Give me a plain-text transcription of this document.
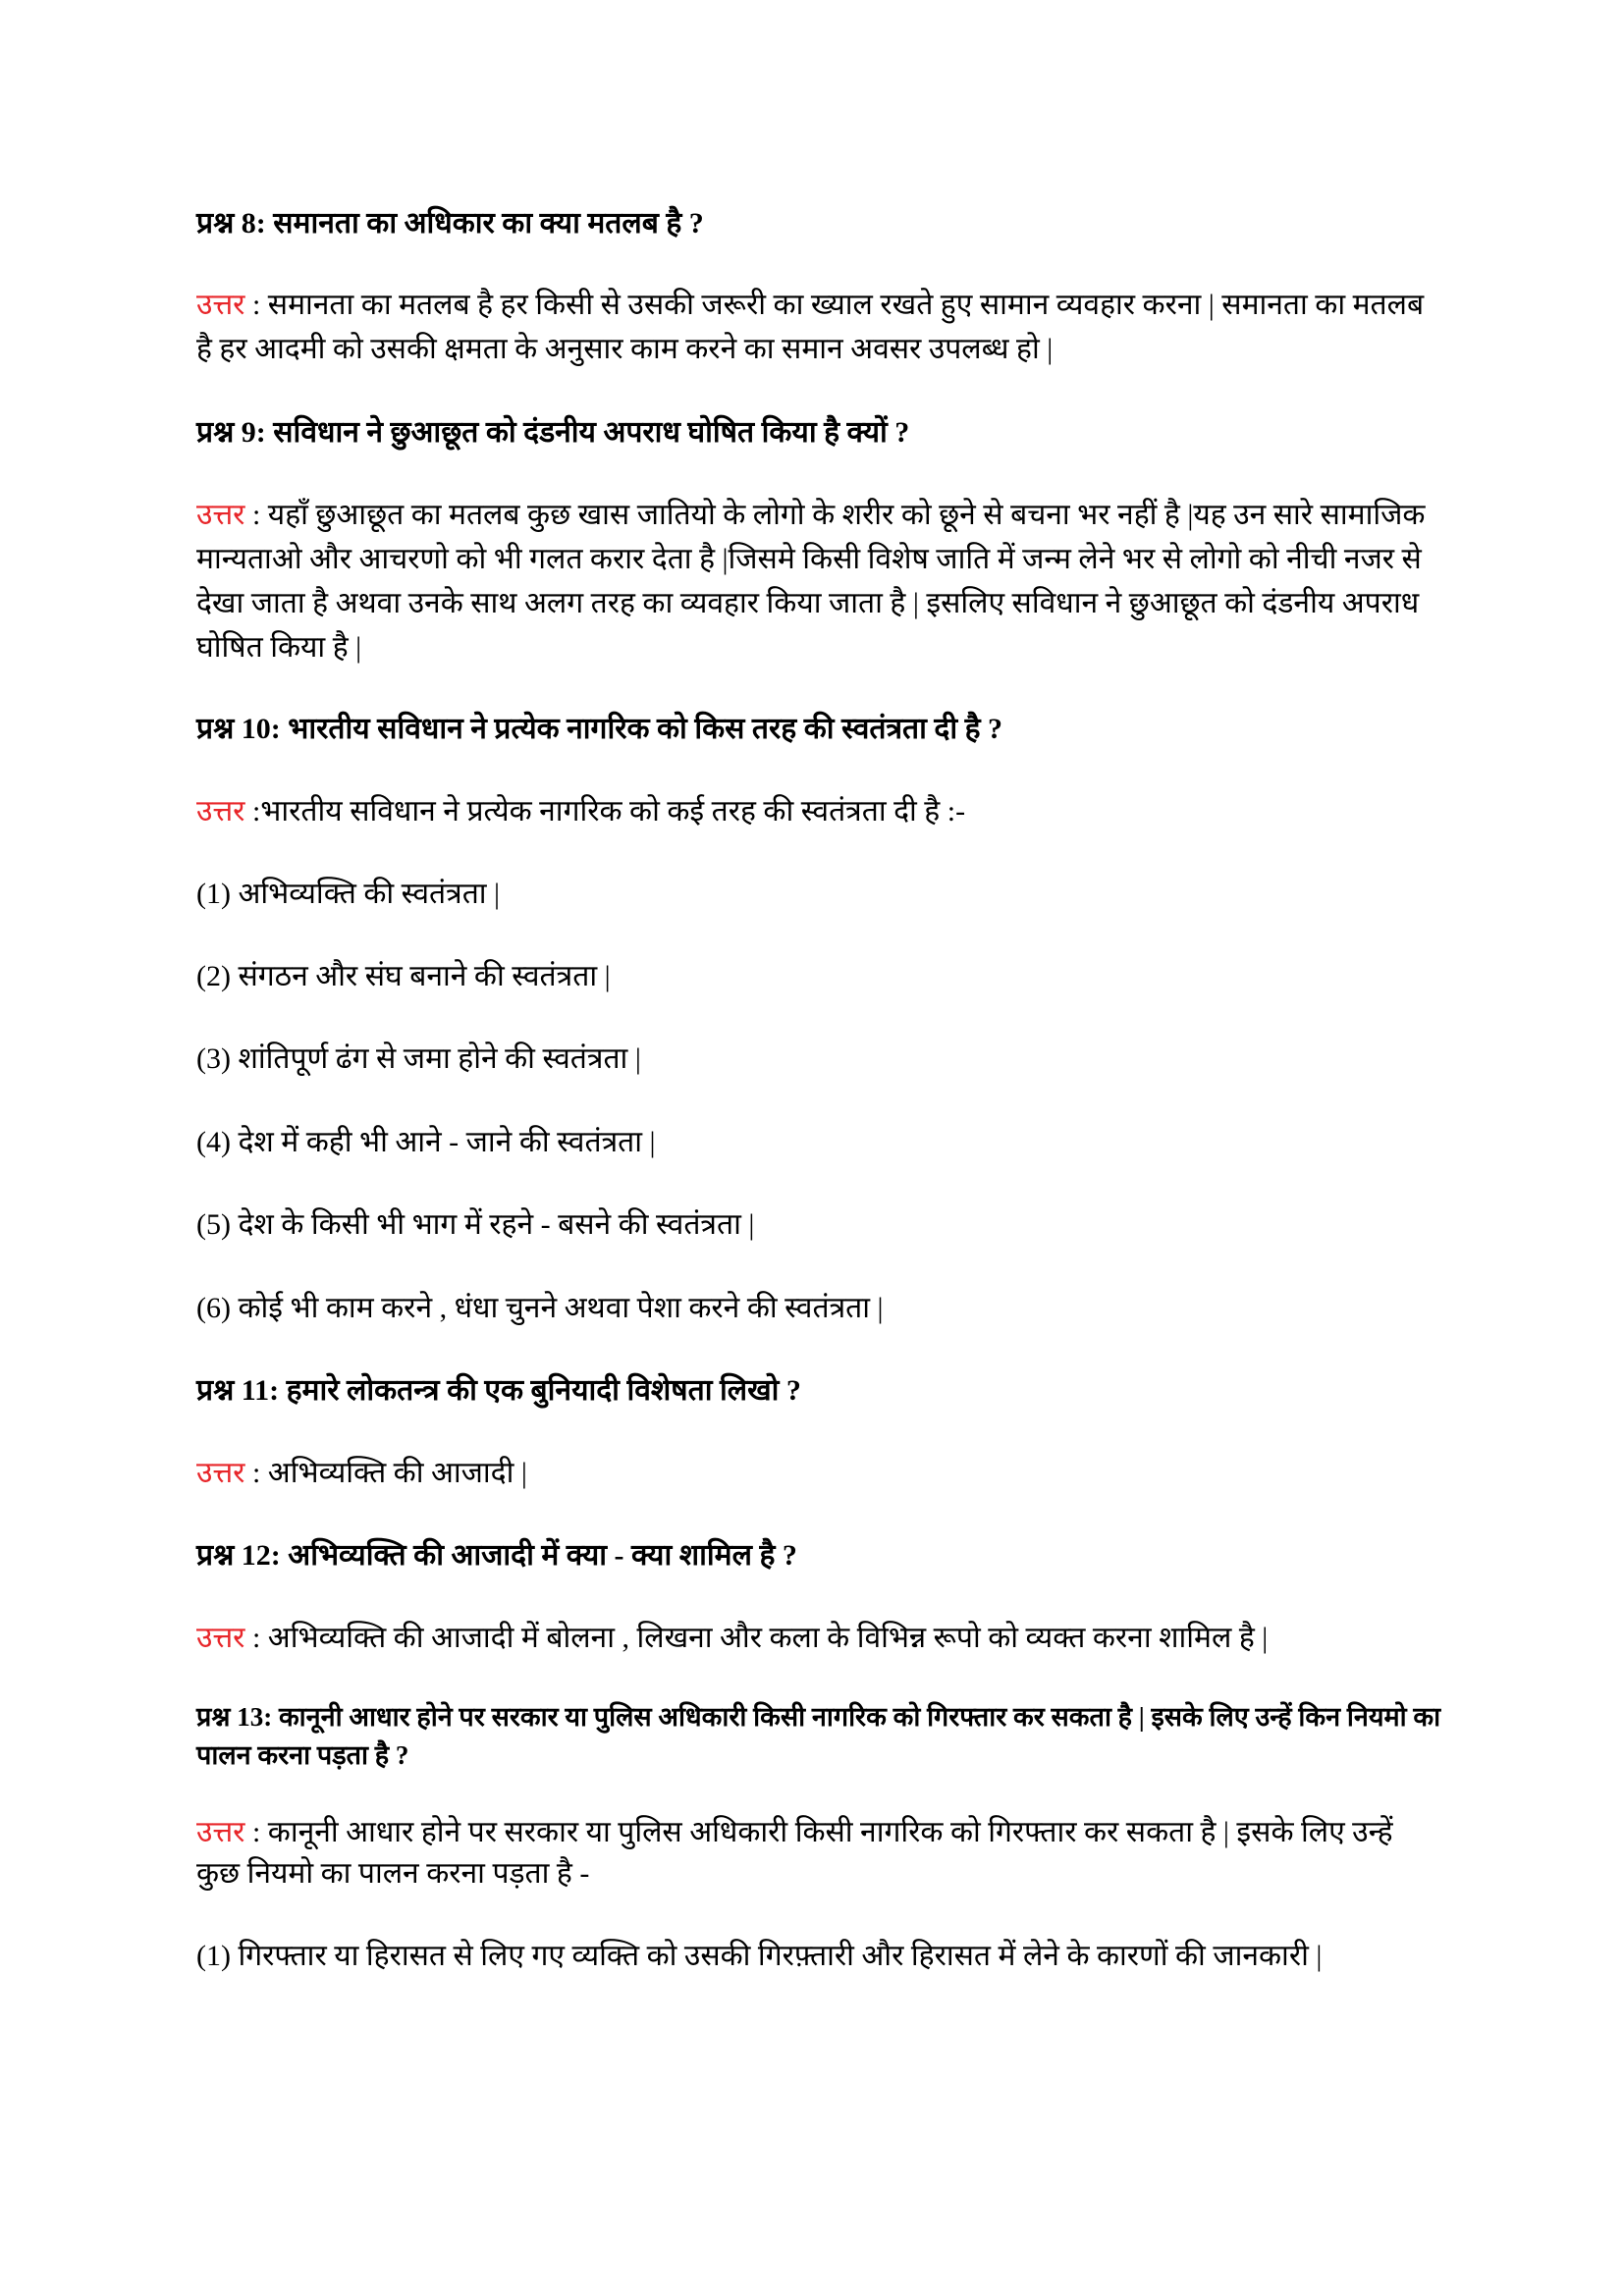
प्रश्न 8: समानता का अधिकार का क्या मतलब है ?
उत्तर : समानता का मतलब है हर किसी से उसकी जरूरी का ख्याल रखते हुए सामान व्यवहार करना | समानता का मतलब है हर आदमी को उसकी क्षमता के अनुसार काम करने का समान अवसर उपलब्ध हो |
प्रश्न 9: सविधान ने छुआछूत को दंडनीय अपराध घोषित किया है क्यों ?
उत्तर : यहाँ छुआछूत का मतलब कुछ खास जातियो के लोगो के शरीर को छूने से बचना भर नहीं है |यह उन सारे सामाजिक मान्यताओ और आचरणो को भी गलत करार देता है |जिसमे किसी विशेष जाति में जन्म लेने भर से लोगो को नीची नजर से देखा जाता है अथवा उनके साथ अलग तरह का व्यवहार किया जाता है | इसलिए सविधान ने छुआछूत को दंडनीय अपराध घोषित किया है |
प्रश्न 10: भारतीय सविधान ने प्रत्येक नागरिक को किस तरह की स्वतंत्रता दी है ?
उत्तर :भारतीय सविधान ने प्रत्येक नागरिक को कई तरह की स्वतंत्रता दी है :-
(1) अभिव्यक्ति की स्वतंत्रता |
(2) संगठन और संघ बनाने की स्वतंत्रता |
(3) शांतिपूर्ण ढंग से जमा होने की स्वतंत्रता |
(4) देश में कही भी आने - जाने की स्वतंत्रता |
(5) देश के किसी भी भाग में रहने - बसने की स्वतंत्रता |
(6) कोई भी काम करने , धंधा चुनने अथवा पेशा करने की स्वतंत्रता |
प्रश्न 11: हमारे लोकतन्त्र की एक बुनियादी विशेषता लिखो ?
उत्तर : अभिव्यक्ति की आजादी |
प्रश्न 12: अभिव्यक्ति की आजादी में क्या - क्या शामिल है ?
उत्तर : अभिव्यक्ति की आजादी में बोलना , लिखना और कला के विभिन्न रूपो को व्यक्त करना शामिल है |
प्रश्न 13: कानूनी आधार होने पर सरकार या पुलिस अधिकारी किसी नागरिक को गिरफ्तार कर सकता है | इसके लिए उन्हें किन नियमो का पालन करना पड़ता है ?
उत्तर : कानूनी आधार होने पर सरकार या पुलिस अधिकारी किसी नागरिक को गिरफ्तार कर सकता है | इसके लिए उन्हें कुछ नियमो का पालन करना पड़ता है -
(1) गिरफ्तार या हिरासत से लिए गए व्यक्ति को उसकी गिरफ़्तारी और हिरासत में लेने के कारणों की जानकारी |
